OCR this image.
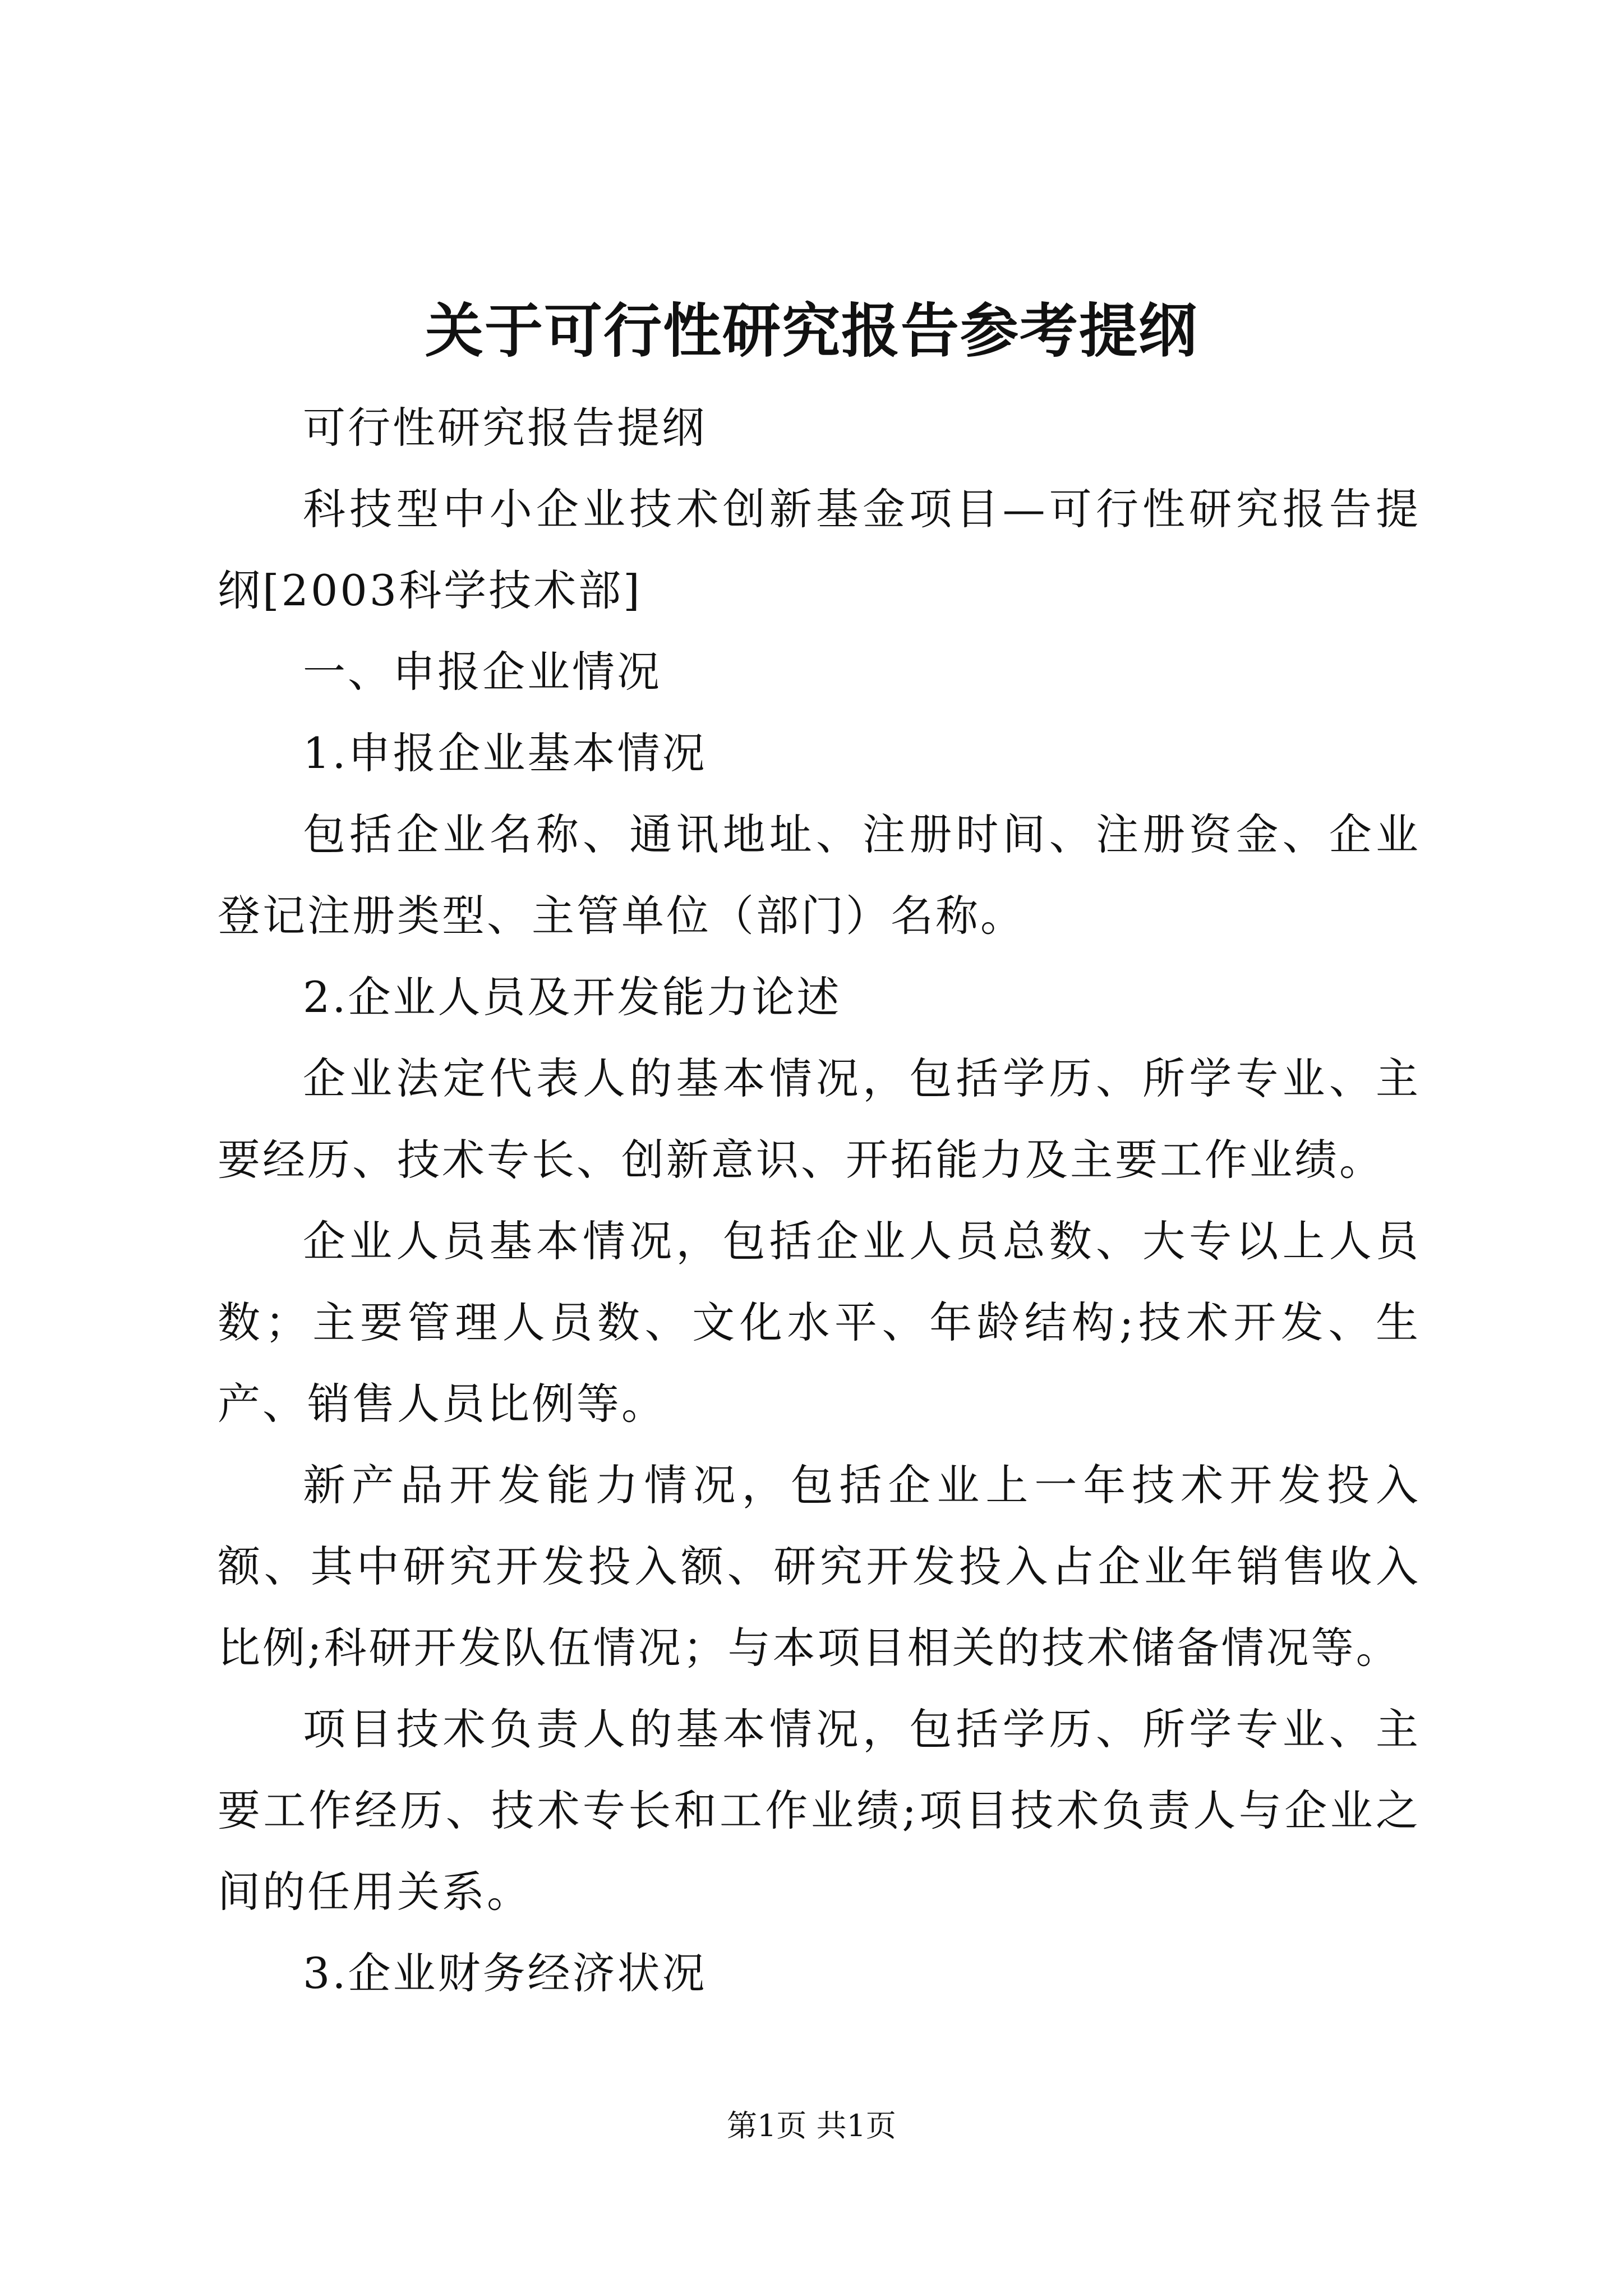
关于可行性研究报告参考提纲

可行性研究报告提纲

科技型中小企业技术创新基金项目—可行性研究报告提纲[2003科学技术部]

一、申报企业情况

1.申报企业基本情况

包括企业名称、通讯地址、注册时间、注册资金、企业登记注册类型、主管单位（部门）名称。

2.企业人员及开发能力论述

企业法定代表人的基本情况，包括学历、所学专业、主要经历、技术专长、创新意识、开拓能力及主要工作业绩。

企业人员基本情况，包括企业人员总数、大专以上人员数；主要管理人员数、文化水平、年龄结构;技术开发、生产、销售人员比例等。

新产品开发能力情况，包括企业上一年技术开发投入额、其中研究开发投入额、研究开发投入占企业年销售收入比例;科研开发队伍情况；与本项目相关的技术储备情况等。

项目技术负责人的基本情况，包括学历、所学专业、主要工作经历、技术专长和工作业绩;项目技术负责人与企业之间的任用关系。

3.企业财务经济状况

第1页 共1页
